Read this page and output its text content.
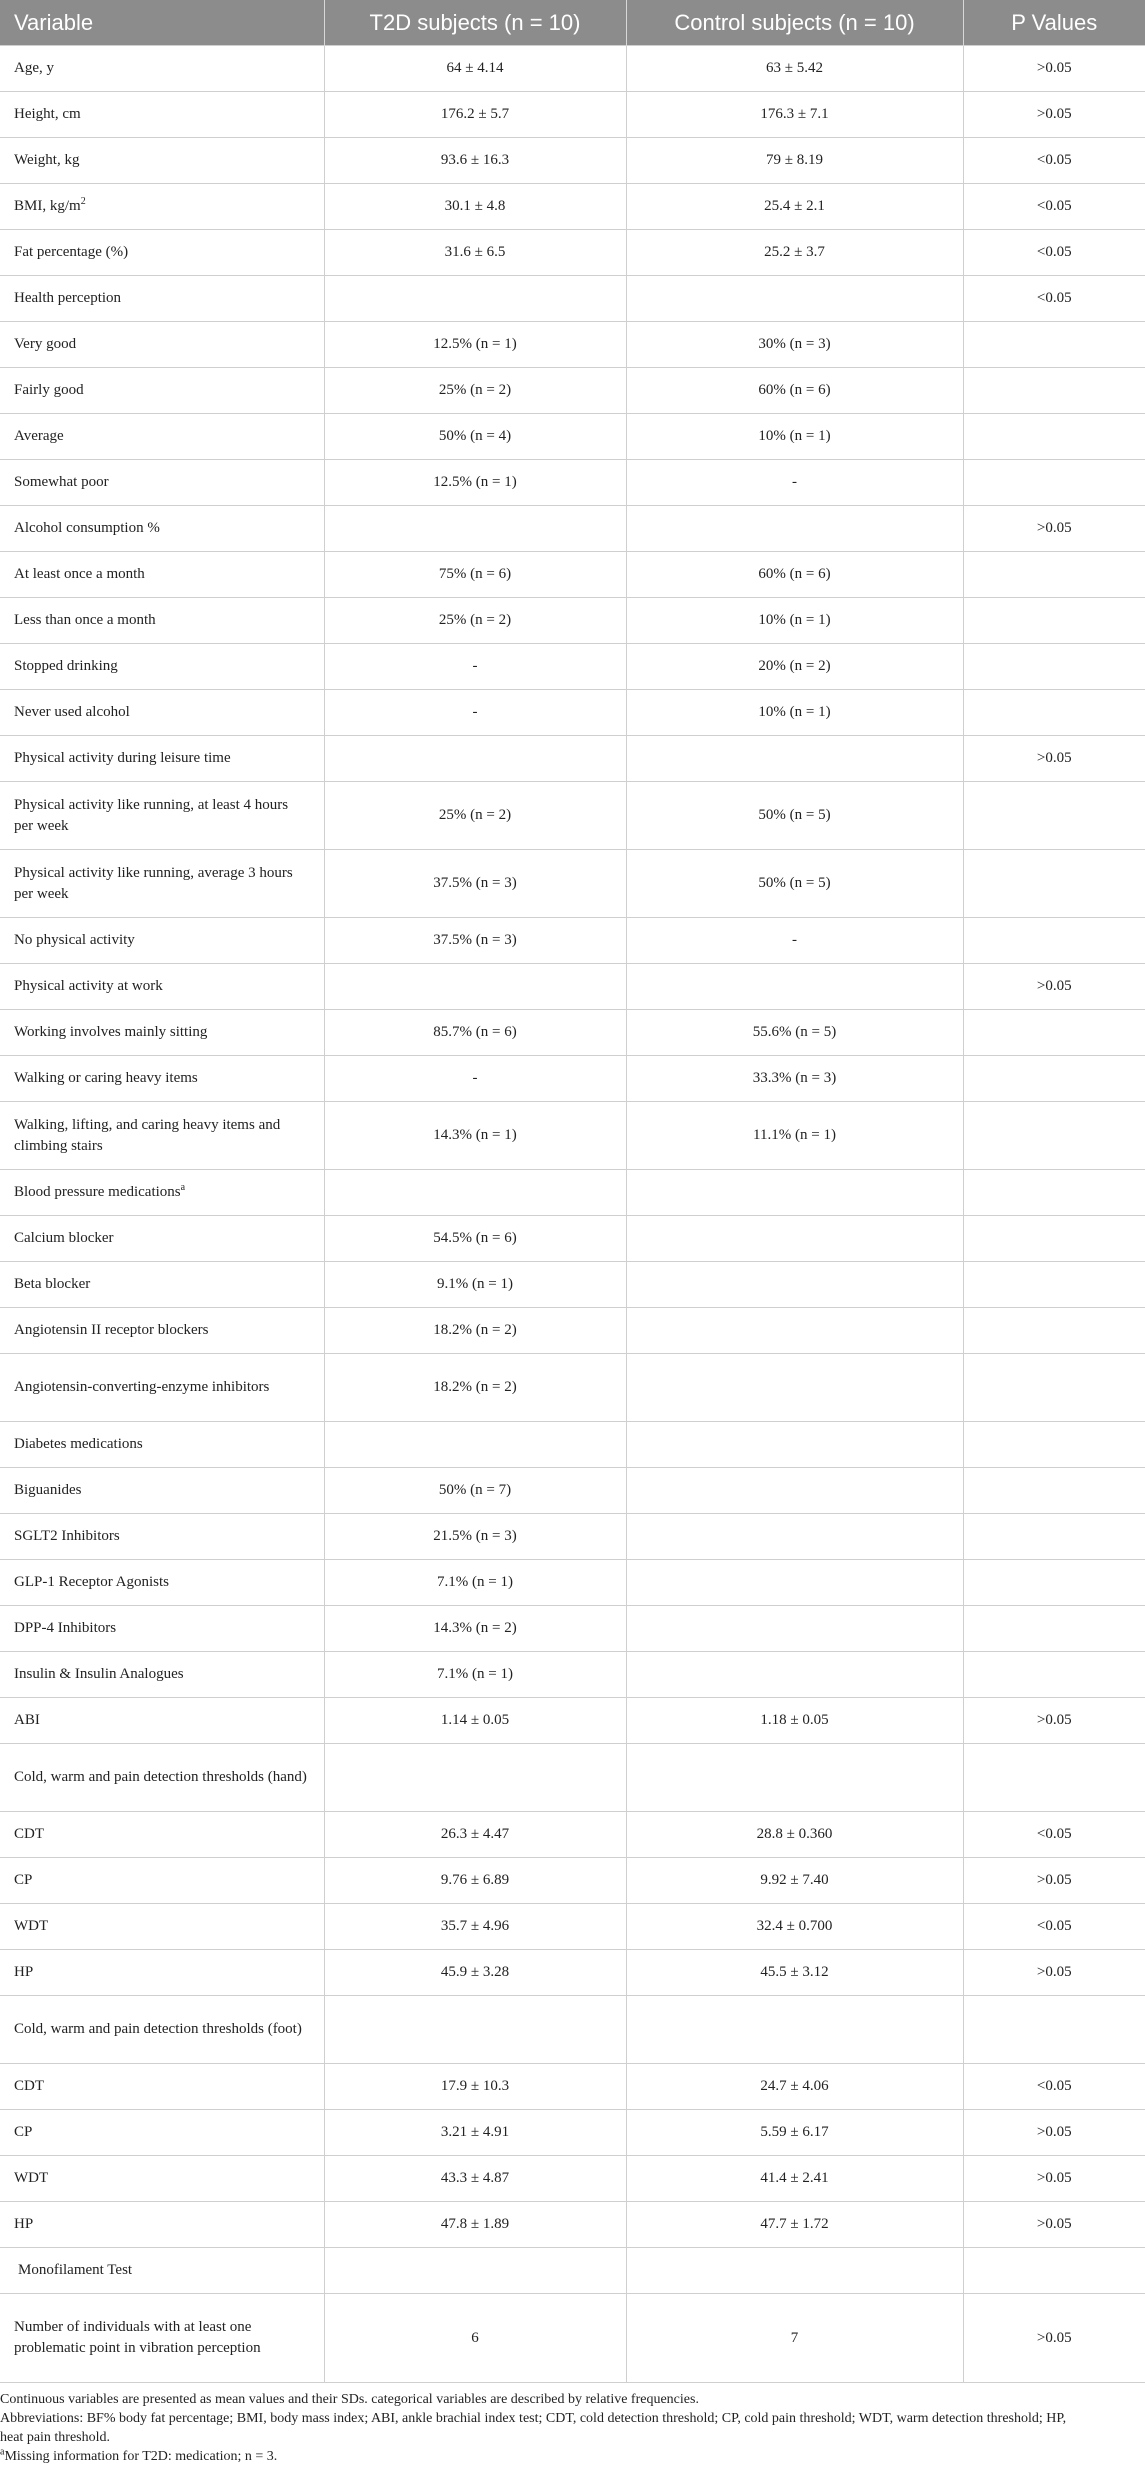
Variable	T2D subjects (n = 10)	Control subjects (n = 10)	P Values
Age, y	64 ± 4.14	63 ± 5.42	>0.05
Height, cm	176.2 ± 5.7	176.3 ± 7.1	>0.05
Weight, kg	93.6 ± 16.3	79 ± 8.19	<0.05
BMI, $kg/m^2$	30.1 ± 4.8	25.4 ± 2.1	<0.05
Fat percentage (%)	31.6 ± 6.5	25.2 ± 3.7	<0.05
Health perception			<0.05
Very good	12.5% (n = 1)	30% (n = 3)	
Fairly good	25% (n = 2)	60% (n = 6)	
Average	50% (n = 4)	10% (n = 1)	
Somewhat poor	12.5% (n = 1)	-	
Alcohol consumption %			>0.05
At least once a month	75% (n = 6)	60% (n = 6)	
Less than once a month	25% (n = 2)	10% (n = 1)	
Stopped drinking	-	20% (n = 2)	
Never used alcohol	-	10% (n = 1)	
Physical activity during leisure time			>0.05
Physical activity like running, at least 4 hours per week	25% (n = 2)	50% (n = 5)	
Physical activity like running, average 3 hours per week	37.5% (n = 3)	50% (n = 5)	
No physical activity	37.5% (n = 3)	-	
Physical activity at work			>0.05
Working involves mainly sitting	85.7% (n = 6)	55.6% (n = 5)	
Walking or caring heavy items	-	33.3% (n = 3)	
Walking, lifting, and caring heavy items and climbing stairs	14.3% (n = 1)	11.1% (n = 1)	
Blood pressure medications$^a$			
Calcium blocker	54.5% (n = 6)		
Beta blocker	9.1% (n = 1)		
Angiotensin II receptor blockers	18.2% (n = 2)		
Angiotensin-converting-enzyme inhibitors	18.2% (n = 2)		
Diabetes medications			
Biguanides	50% (n = 7)		
SGLT2 Inhibitors	21.5% (n = 3)		
GLP-1 Receptor Agonists	7.1% (n = 1)		
DPP-4 Inhibitors	14.3% (n = 2)		
Insulin & Insulin Analogues	7.1% (n = 1)		
ABI	1.14 ± 0.05	1.18 ± 0.05	>0.05
Cold, warm and pain detection thresholds (hand)			
CDT	26.3 ± 4.47	28.8 ± 0.360	<0.05
CP	9.76 ± 6.89	9.92 ± 7.40	>0.05
WDT	35.7 ± 4.96	32.4 ± 0.700	<0.05
HP	45.9 ± 3.28	45.5 ± 3.12	>0.05
Cold, warm and pain detection thresholds (foot)			
CDT	17.9 ± 10.3	24.7 ± 4.06	<0.05
CP	3.21 ± 4.91	5.59 ± 6.17	>0.05
WDT	43.3 ± 4.87	41.4 ± 2.41	>0.05
HP	47.8 ± 1.89	47.7 ± 1.72	>0.05
Monofilament Test			
Number of individuals with at least one problematic point in vibration perception	6	7	>0.05
Continuous variables are presented as mean values and their SDs. categorical variables are described by relative frequencies.
Abbreviations: BF% body fat percentage; BMI, body mass index; ABI, ankle brachial index test; CDT, cold detection threshold; CP, cold pain threshold; WDT, warm detection threshold; HP,
heat pain threshold.
$^a$Missing information for T2D: medication; n = 3.
